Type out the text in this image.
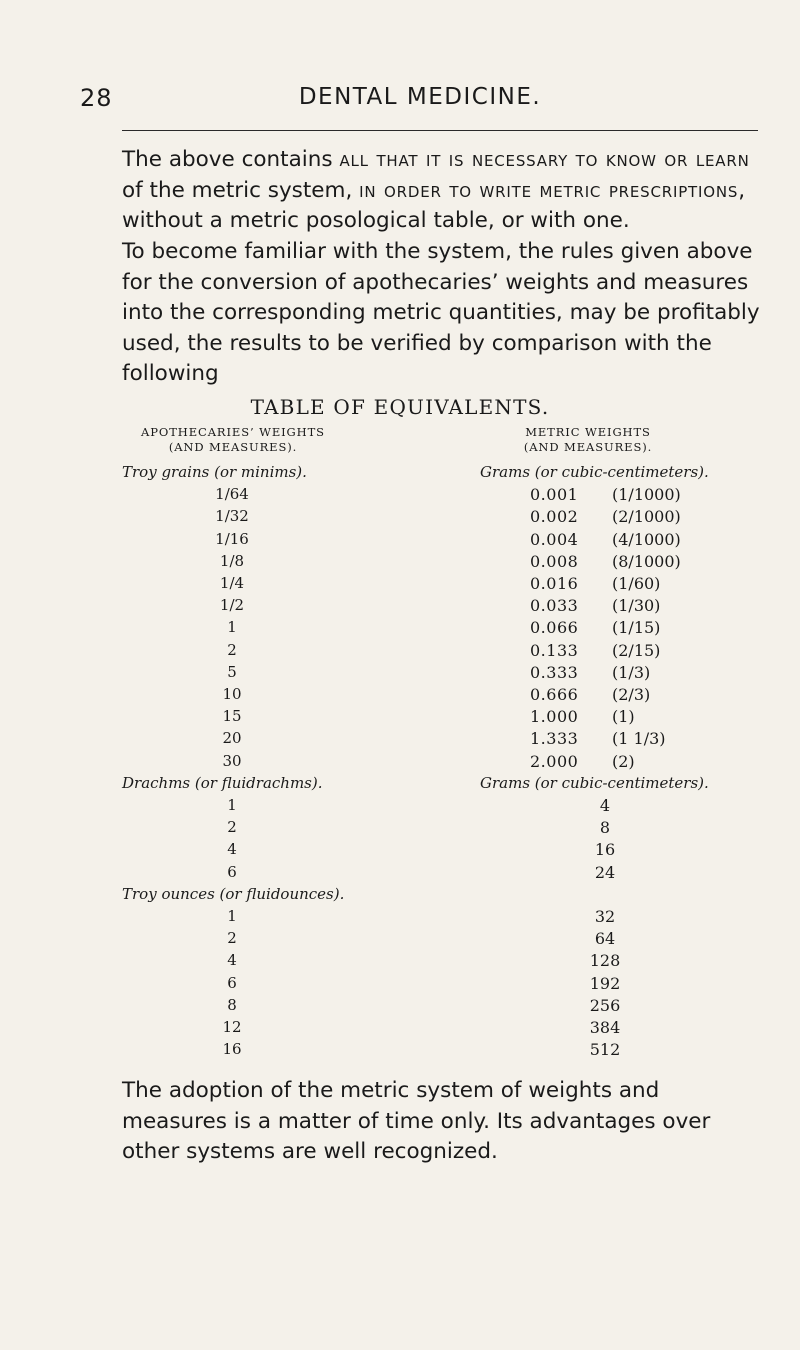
28	DENTAL MEDICINE.
The above contains all that it is necessary to know or learn of the metric system, in order to write metric prescriptions, without a metric posological table, or with one.
To become familiar with the system, the rules given above for the conversion of apothecaries’ weights and measures into the corresponding metric quantities, may be profitably used, the results to be verified by comparison with the following
TABLE OF EQUIVALENTS.
APOTHECARIES’ WEIGHTS
(AND MEASURES).
METRIC WEIGHTS
(AND MEASURES).
Troy grains (or minims).	Grams (or cubic-centimeters).
1/64	0.001 (1/1000)
1/32	0.002 (2/1000)
1/16	0.004 (4/1000)
1/8	0.008 (8/1000)
1/4	0.016 (1/60)
1/2	0.033 (1/30)
1	0.066 (1/15)
2	0.133 (2/15)
5	0.333 (1/3)
10	0.666 (2/3)
15	1.000 (1)
20	1.333 (1 1/3)
30	2.000 (2)
Drachms (or fluidrachms).	Grams (or cubic-centimeters).
1	4
2	8
4	16
6	24
Troy ounces (or fluidounces).
1	32
2	64
4	128
6	192
8	256
12	384
16	512
The adoption of the metric system of weights and measures is a matter of time only. Its advantages over other systems are well recognized.
